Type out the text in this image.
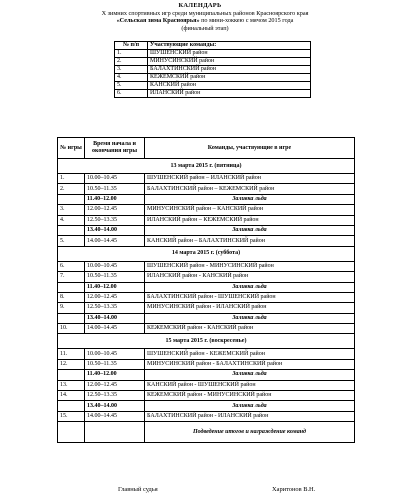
КАЛЕНДАРЬ
X зимних спортивных игр среди муниципальных районов Красноярского края
«Сельская зима Красноярья» по мини-хоккею с мячом 2015 года
(финальный этап)
№ п/п	Участвующие команды:
1.	ШУШЕНСКИЙ район
2.	МИНУСИНСКИЙ район
3.	БАЛАХТИНСКИЙ район
4.	КЕЖЕМСКИЙ район
5.	КАНСКИЙ район
6.	ИЛАНСКИЙ район
№ игры	Время начала и окончания игры	Команды, участвующие в игре
13 марта 2015 г. (пятница)		
1.	10.00–10.45	ШУШЕНСКИЙ район – ИЛАНСКИЙ район
2.	10.50–11.35	БАЛАХТИНСКИЙ район – КЕЖЕМСКИЙ район
	11.40–12.00	Заливка льда
3.	12.00–12.45	МИНУСИНСКИЙ район – КАНСКИЙ район
4.	12.50–13.35	ИЛАНСКИЙ район – КЕЖЕМСКИЙ район
	13.40–14.00	Заливка льда
5.	14.00–14.45	КАНСКИЙ район – БАЛАХТИНСКИЙ район
14 марта 2015 г. (суббота)		
6.	10.00–10.45	ШУШЕНСКИЙ район - МИНУСИНСКИЙ район
7.	10.50–11.35	ИЛАНСКИЙ район - КАНСКИЙ район
	11.40–12.00	Заливка льда
8.	12.00–12.45	БАЛАХТИНСКИЙ район - ШУШЕНСКИЙ район
9.	12.50–13.35	МИНУСИНСКИЙ район - ИЛАНСКИЙ район
	13.40–14.00	Заливка льда
10.	14.00–14.45	КЕЖЕМСКИЙ район - КАНСКИЙ район
15 марта 2015 г. (воскресенье)		
11.	10.00–10.45	ШУШЕНСКИЙ район - КЕЖЕМСКИЙ район
12.	10.50–11.35	МИНУСИНСКИЙ район - БАЛАХТИНСКИЙ район
	11.40–12.00	Заливка льда
13.	12.00–12.45	КАНСКИЙ район - ШУШЕНСКИЙ район
14.	12.50–13.35	КЕЖЕМСКИЙ район - МИНУСИНСКИЙ район
	13.40–14.00	Заливка льда
15.	14.00–14.45	БАЛАХТИНСКИЙ район - ИЛАНСКИЙ район
		Подведение итогов и награждение команд
Главный судья	Харитонов В.Н.
